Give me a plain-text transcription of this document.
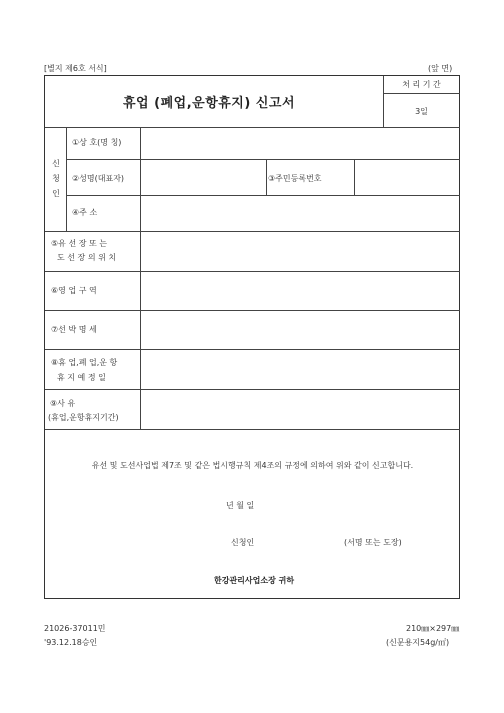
[별지 제6호 서식]	(앞 면)
휴업 (폐업,운항휴지) 신고서
처 리 기 간
3일
신
청
인
①상 호(명 칭)
②성명(대표자)	③주민등록번호
④주 소
⑤유 선 장 또 는
도 선 장 의 위 치
⑥영 업 구 역
⑦선 박 명 세
⑧휴 업,폐 업,운 항
휴 지 예 정 일
⑨사 유
(휴업,운항휴지기간)
유선 및 도선사업법 제7조 및 같은 법시행규칙 제4조의 규정에 의하여 위와 같이 신고합니다.
년 월 일
신청인	(서명 또는 도장)
한강관리사업소장 귀하
21026-37011민
'93.12.18승인
210㎜×297㎜
(신문용지54g/㎡)
